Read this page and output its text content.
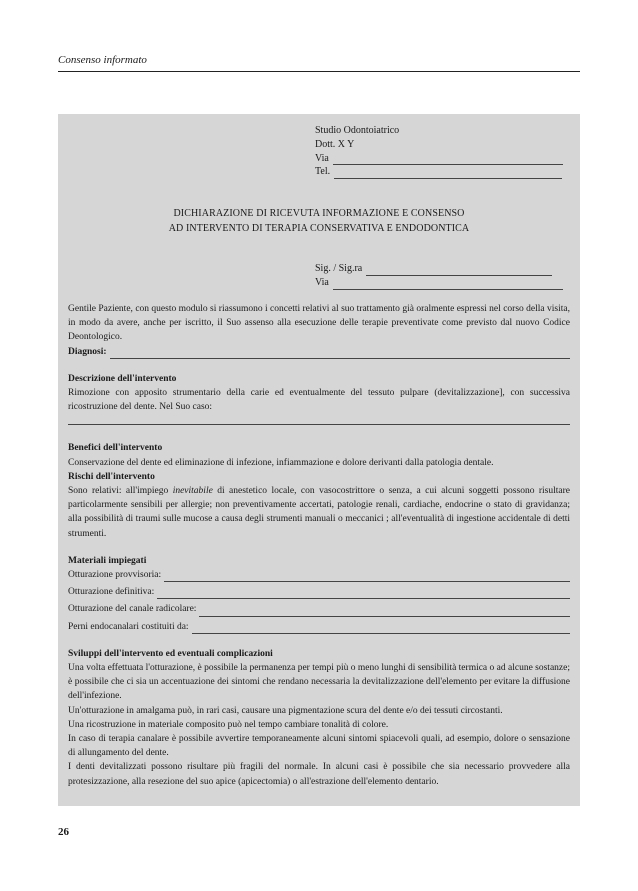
Consenso informato
Studio Odontoiatrico
Dott. X Y
Via
Tel.
DICHIARAZIONE DI RICEVUTA INFORMAZIONE E CONSENSO
AD INTERVENTO DI TERAPIA CONSERVATIVA E ENDODONTICA
Sig. / Sig.ra
Via

Gentile Paziente, con questo modulo si riassumono i concetti relativi al suo trattamento già oralmente espressi nel corso della visita, in modo da avere, anche per iscritto, il Suo assenso alla esecuzione delle terapie preventivate come previsto dal nuovo Codice Deontologico.

Diagnosi:

Descrizione dell'intervento

Rimozione con apposito strumentario della carie ed eventualmente del tessuto pulpare (devitalizzazione], con successiva ricostruzione del dente. Nel Suo caso:

Benefici dell'intervento

Conservazione del dente ed eliminazione di infezione, infiammazione e dolore derivanti dalla patologia dentale.

Rischi dell'intervento

Sono relativi: all'impiego inevitabile di anestetico locale, con vasocostrittore o senza, a cui alcuni soggetti possono risultare particolarmente sensibili per allergie; non preventivamente accertati, patologie renali, cardiache, endocrine o stato di gravidanza; alla possibilità di traumi sulle mucose a causa degli strumenti manuali o meccanici ; all'eventualità di ingestione accidentale di detti strumenti.

Materiali impiegati

Otturazione provvisoria:
Otturazione definitiva:
Otturazione del canale radicolare:
Perni endocanalari costituiti da:

Sviluppi dell'intervento ed eventuali complicazioni

Una volta effettuata l'otturazione, è possibile la permanenza per tempi più o meno lunghi di sensibilità termica o ad alcune sostanze; è possibile che ci sia un accentuazione dei sintomi che rendano necessaria la devitalizzazione dell'elemento per evitare la diffusione dell'infezione.

Un'otturazione in amalgama può, in rari casi, causare una pigmentazione scura del dente e/o dei tessuti circostanti.

Una ricostruzione in materiale composito può nel tempo cambiare tonalità di colore.

In caso di terapia canalare è possibile avvertire temporaneamente alcuni sintomi spiacevoli quali, ad esempio, dolore o sensazione di allungamento del dente.

I denti devitalizzati possono risultare più fragili del normale. In alcuni casi è possibile che sia necessario provvedere alla protesizzazione, alla resezione del suo apice (apicectomia) o all'estrazione dell'elemento dentario.

26
